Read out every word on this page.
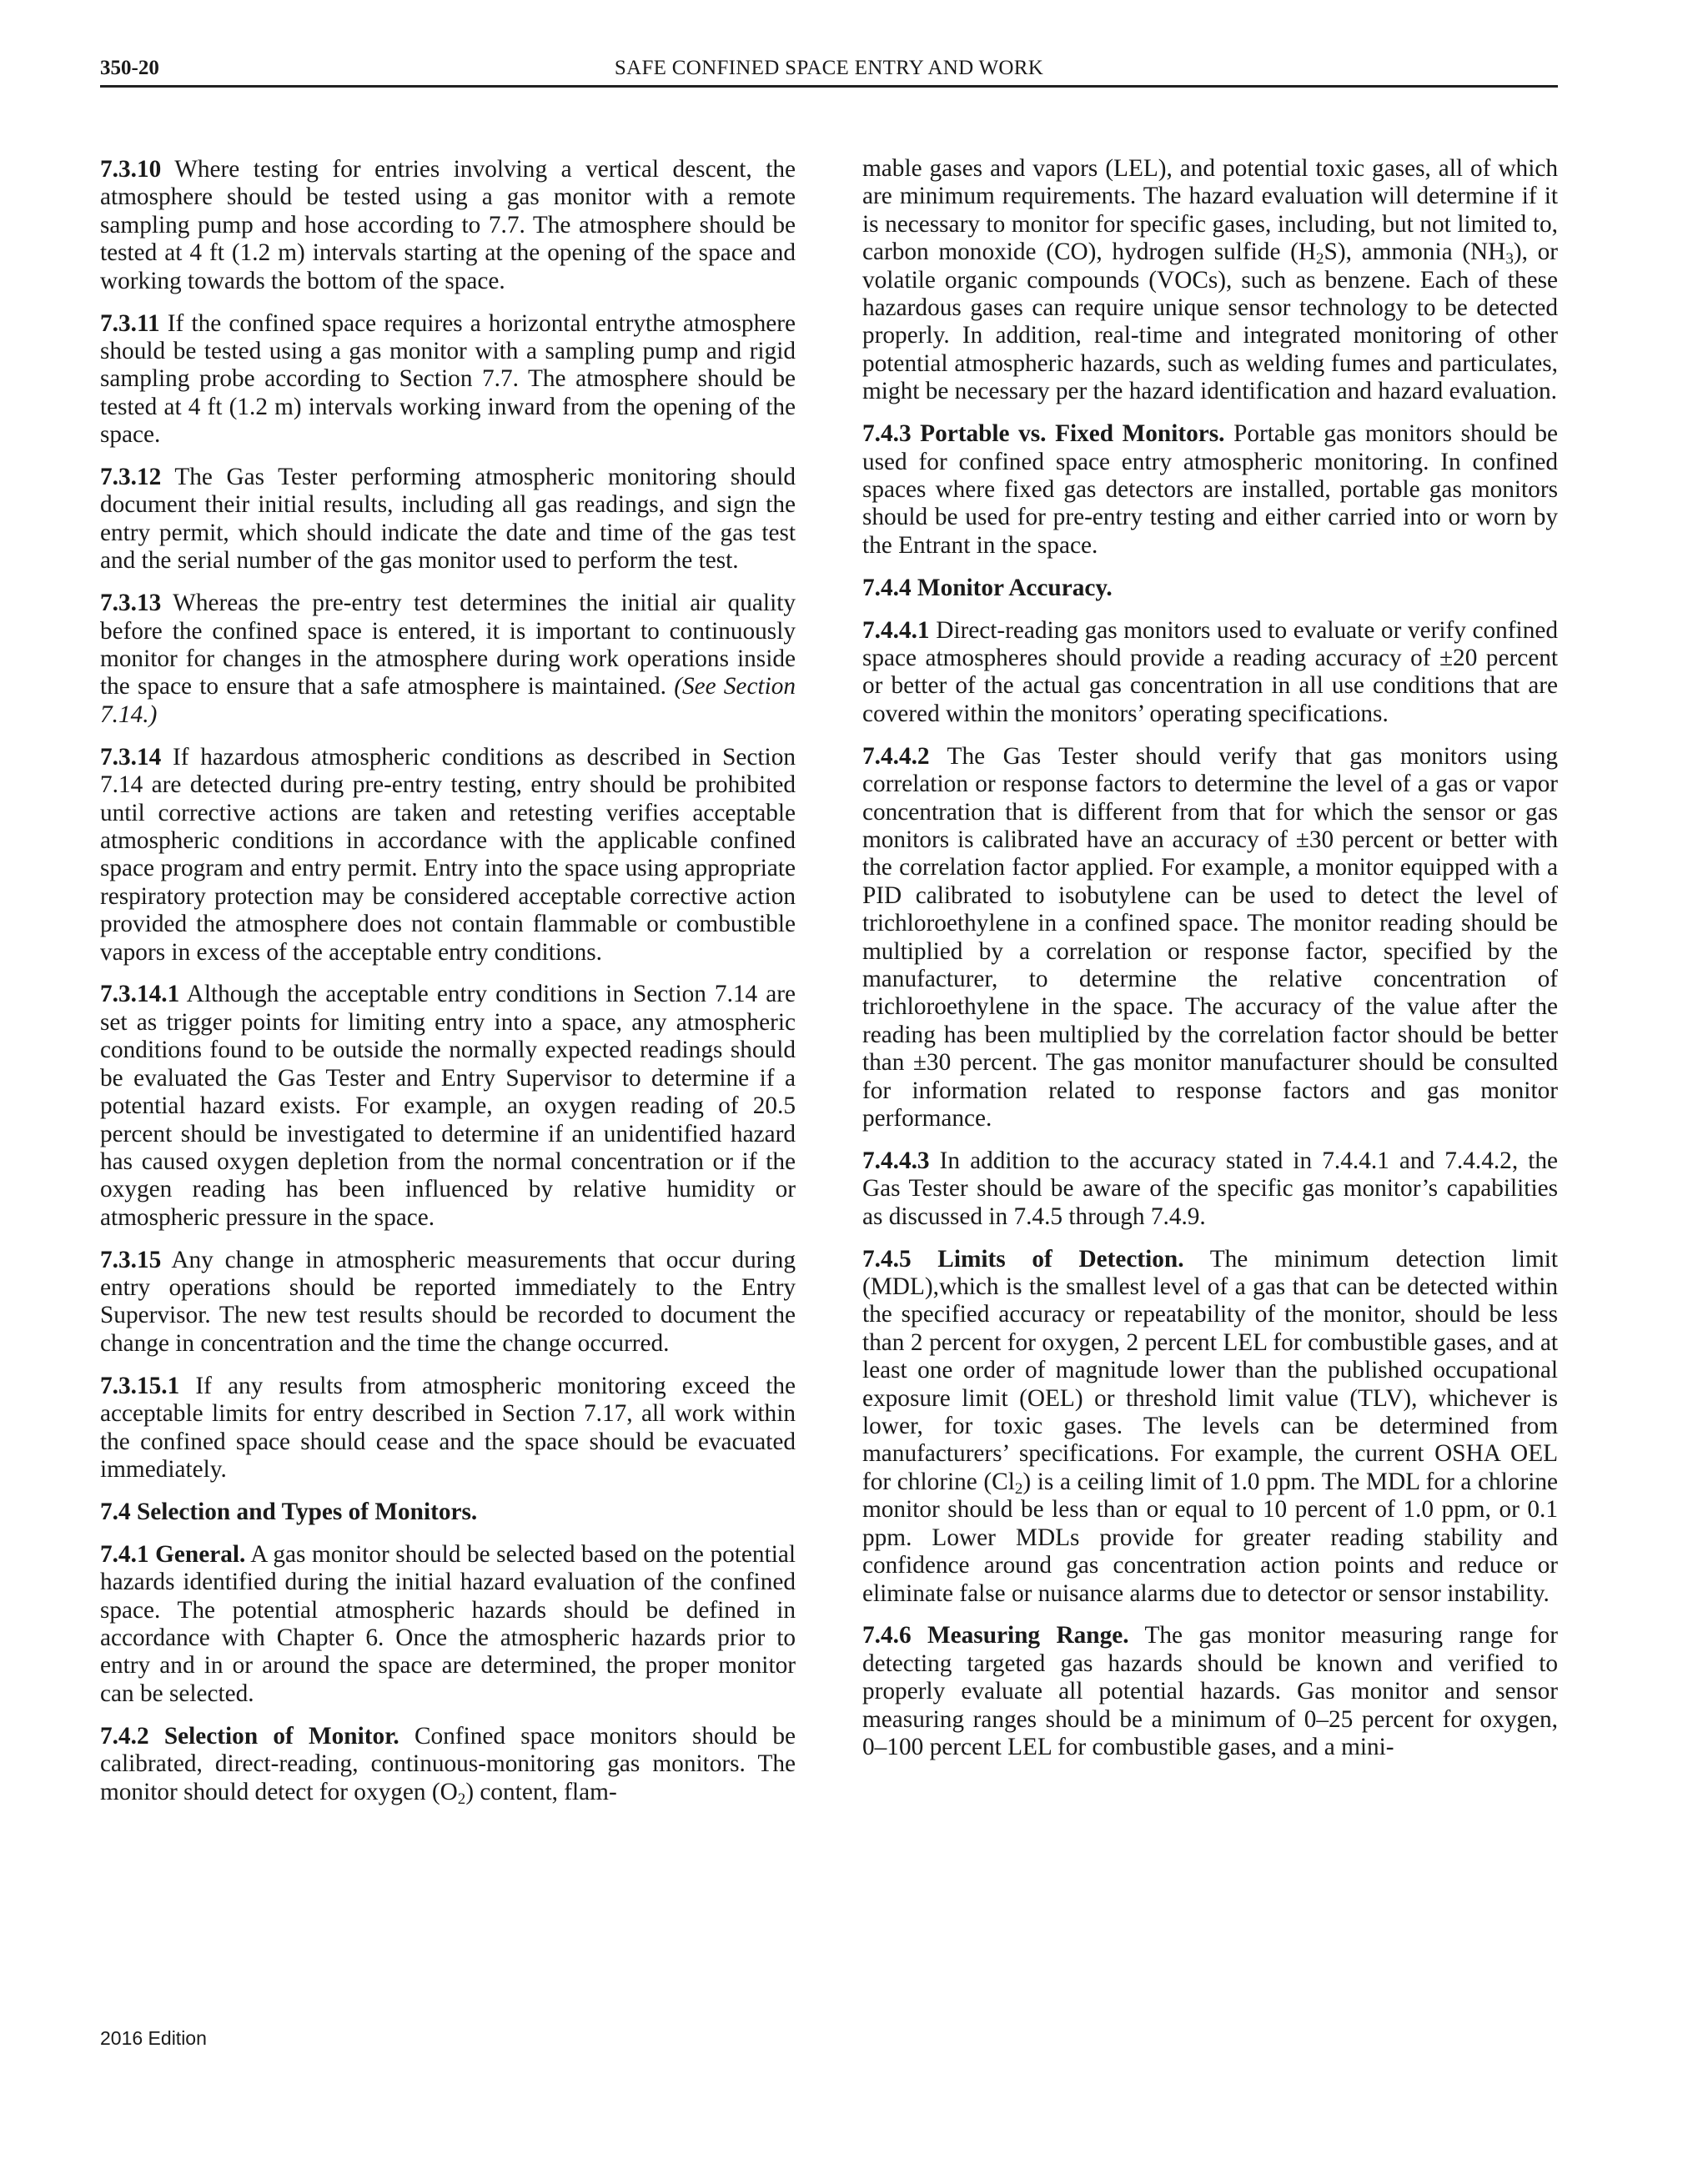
350-20	SAFE CONFINED SPACE ENTRY AND WORK

7.3.10 Where testing for entries involving a vertical descent, the atmosphere should be tested using a gas monitor with a remote sampling pump and hose according to 7.7. The atmosphere should be tested at 4 ft (1.2 m) intervals starting at the opening of the space and working towards the bottom of the space.

7.3.11 If the confined space requires a horizontal entrythe atmosphere should be tested using a gas monitor with a sampling pump and rigid sampling probe according to Section 7.7. The atmosphere should be tested at 4 ft (1.2 m) intervals working inward from the opening of the space.

7.3.12 The Gas Tester performing atmospheric monitoring should document their initial results, including all gas readings, and sign the entry permit, which should indicate the date and time of the gas test and the serial number of the gas monitor used to perform the test.

7.3.13 Whereas the pre-entry test determines the initial air quality before the confined space is entered, it is important to continuously monitor for changes in the atmosphere during work operations inside the space to ensure that a safe atmosphere is maintained. (See Section 7.14.)

7.3.14 If hazardous atmospheric conditions as described in Section 7.14 are detected during pre-entry testing, entry should be prohibited until corrective actions are taken and retesting verifies acceptable atmospheric conditions in accordance with the applicable confined space program and entry permit. Entry into the space using appropriate respiratory protection may be considered acceptable corrective action provided the atmosphere does not contain flammable or combustible vapors in excess of the acceptable entry conditions.

7.3.14.1 Although the acceptable entry conditions in Section 7.14 are set as trigger points for limiting entry into a space, any atmospheric conditions found to be outside the normally expected readings should be evaluated the Gas Tester and Entry Supervisor to determine if a potential hazard exists. For example, an oxygen reading of 20.5 percent should be investigated to determine if an unidentified hazard has caused oxygen depletion from the normal concentration or if the oxygen reading has been influenced by relative humidity or atmospheric pressure in the space.

7.3.15 Any change in atmospheric measurements that occur during entry operations should be reported immediately to the Entry Supervisor. The new test results should be recorded to document the change in concentration and the time the change occurred.

7.3.15.1 If any results from atmospheric monitoring exceed the acceptable limits for entry described in Section 7.17, all work within the confined space should cease and the space should be evacuated immediately.

7.4 Selection and Types of Monitors.

7.4.1 General. A gas monitor should be selected based on the potential hazards identified during the initial hazard evaluation of the confined space. The potential atmospheric hazards should be defined in accordance with Chapter 6. Once the atmospheric hazards prior to entry and in or around the space are determined, the proper monitor can be selected.

7.4.2 Selection of Monitor. Confined space monitors should be calibrated, direct-reading, continuous-monitoring gas monitors. The monitor should detect for oxygen $(O_2)$ content, flam-

mable gases and vapors (LEL), and potential toxic gases, all of which are minimum requirements. The hazard evaluation will determine if it is necessary to monitor for specific gases, including, but not limited to, carbon monoxide (CO), hydrogen sulfide $(H_2S)$, ammonia $(NH_3)$, or volatile organic compounds (VOCs), such as benzene. Each of these hazardous gases can require unique sensor technology to be detected properly. In addition, real-time and integrated monitoring of other potential atmospheric hazards, such as welding fumes and particulates, might be necessary per the hazard identification and hazard evaluation.

7.4.3 Portable vs. Fixed Monitors. Portable gas monitors should be used for confined space entry atmospheric monitoring. In confined spaces where fixed gas detectors are installed, portable gas monitors should be used for pre-entry testing and either carried into or worn by the Entrant in the space.

7.4.4 Monitor Accuracy.

7.4.4.1 Direct-reading gas monitors used to evaluate or verify confined space atmospheres should provide a reading accuracy of ±20 percent or better of the actual gas concentration in all use conditions that are covered within the monitors’ operating specifications.

7.4.4.2 The Gas Tester should verify that gas monitors using correlation or response factors to determine the level of a gas or vapor concentration that is different from that for which the sensor or gas monitors is calibrated have an accuracy of ±30 percent or better with the correlation factor applied. For example, a monitor equipped with a PID calibrated to isobutylene can be used to detect the level of trichloroethylene in a confined space. The monitor reading should be multiplied by a correlation or response factor, specified by the manufacturer, to determine the relative concentration of trichloroethylene in the space. The accuracy of the value after the reading has been multiplied by the correlation factor should be better than ±30 percent. The gas monitor manufacturer should be consulted for information related to response factors and gas monitor performance.

7.4.4.3 In addition to the accuracy stated in 7.4.4.1 and 7.4.4.2, the Gas Tester should be aware of the specific gas monitor’s capabilities as discussed in 7.4.5 through 7.4.9.

7.4.5 Limits of Detection. The minimum detection limit (MDL),which is the smallest level of a gas that can be detected within the specified accuracy or repeatability of the monitor, should be less than 2 percent for oxygen, 2 percent LEL for combustible gases, and at least one order of magnitude lower than the published occupational exposure limit (OEL) or threshold limit value (TLV), whichever is lower, for toxic gases. The levels can be determined from manufacturers’ specifications. For example, the current OSHA OEL for chlorine $(Cl_2)$ is a ceiling limit of 1.0 ppm. The MDL for a chlorine monitor should be less than or equal to 10 percent of 1.0 ppm, or 0.1 ppm. Lower MDLs provide for greater reading stability and confidence around gas concentration action points and reduce or eliminate false or nuisance alarms due to detector or sensor instability.

7.4.6 Measuring Range. The gas monitor measuring range for detecting targeted gas hazards should be known and verified to properly evaluate all potential hazards. Gas monitor and sensor measuring ranges should be a minimum of 0–25 percent for oxygen, 0–100 percent LEL for combustible gases, and a mini-

2016 Edition
